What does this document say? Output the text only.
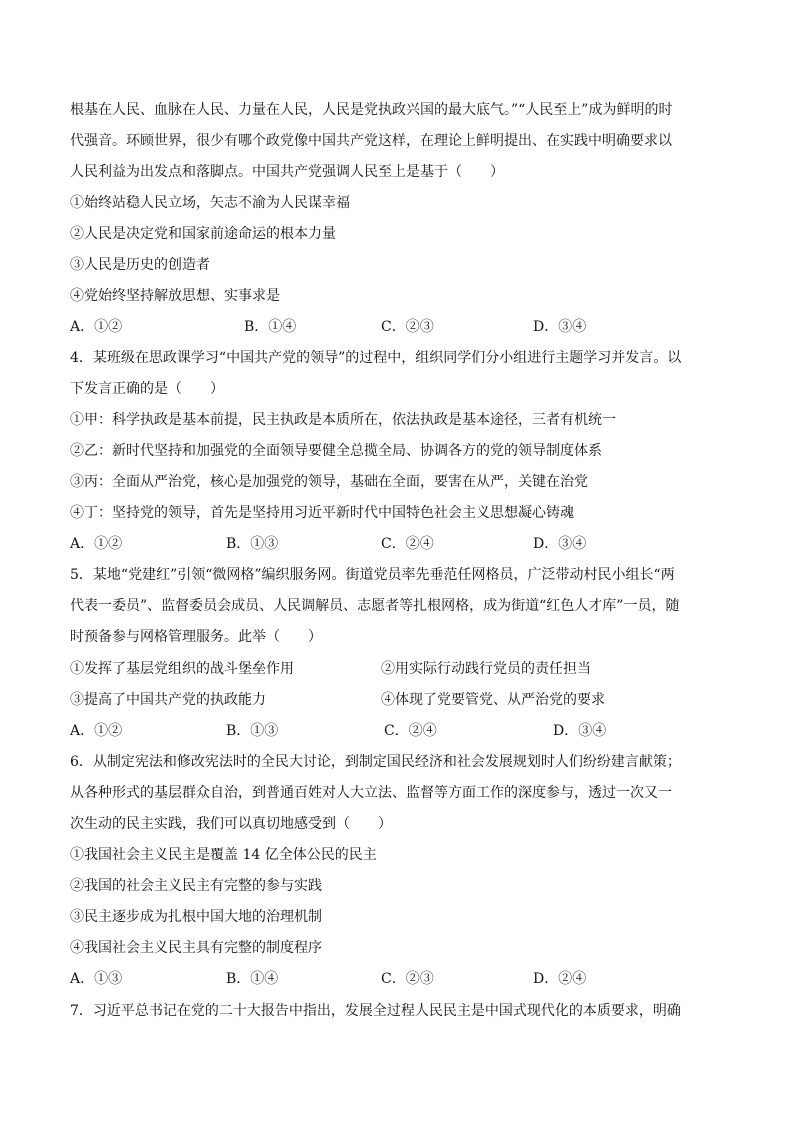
根基在人民、血脉在人民、力量在人民，人民是党执政兴国的最大底气。”“人民至上”成为鲜明的时
代强音。环顾世界，很少有哪个政党像中国共产党这样，在理论上鲜明提出、在实践中明确要求以
人民利益为出发点和落脚点。中国共产党强调人民至上是基于（　　）
①始终站稳人民立场，矢志不渝为人民谋幸福
②人民是决定党和国家前途命运的根本力量
③人民是历史的创造者
④党始终坚持解放思想、实事求是
A．①②	B．①④	C．②③	D．③④
4．某班级在思政课学习“中国共产党的领导”的过程中，组织同学们分小组进行主题学习并发言。以
下发言正确的是（　　）
①甲：科学执政是基本前提，民主执政是本质所在，依法执政是基本途径，三者有机统一
②乙：新时代坚持和加强党的全面领导要健全总揽全局、协调各方的党的领导制度体系
③丙：全面从严治党，核心是加强党的领导，基础在全面，要害在从严，关键在治党
④丁：坚持党的领导，首先是坚持用习近平新时代中国特色社会主义思想凝心铸魂
A．①②	B．①③	C．②④	D．③④
5．某地“党建红”引领“微网格”编织服务网。街道党员率先垂范任网格员，广泛带动村民小组长“两
代表一委员”、监督委员会成员、人民调解员、志愿者等扎根网格，成为街道“红色人才库”一员，随
时预备参与网格管理服务。此举（　　）
①发挥了基层党组织的战斗堡垒作用	②用实际行动践行党员的责任担当
③提高了中国共产党的执政能力	④体现了党要管党、从严治党的要求
A．①②	B．①③	C．②④	D．③④
6．从制定宪法和修改宪法时的全民大讨论，到制定国民经济和社会发展规划时人们纷纷建言献策；
从各种形式的基层群众自治，到普通百姓对人大立法、监督等方面工作的深度参与，透过一次又一
次生动的民主实践，我们可以真切地感受到（　　）
①我国社会主义民主是覆盖 14 亿全体公民的民主
②我国的社会主义民主有完整的参与实践
③民主逐步成为扎根中国大地的治理机制
④我国社会主义民主具有完整的制度程序
A．①③	B．①④	C．②③	D．②④
7．习近平总书记在党的二十大报告中指出，发展全过程人民民主是中国式现代化的本质要求，明确
